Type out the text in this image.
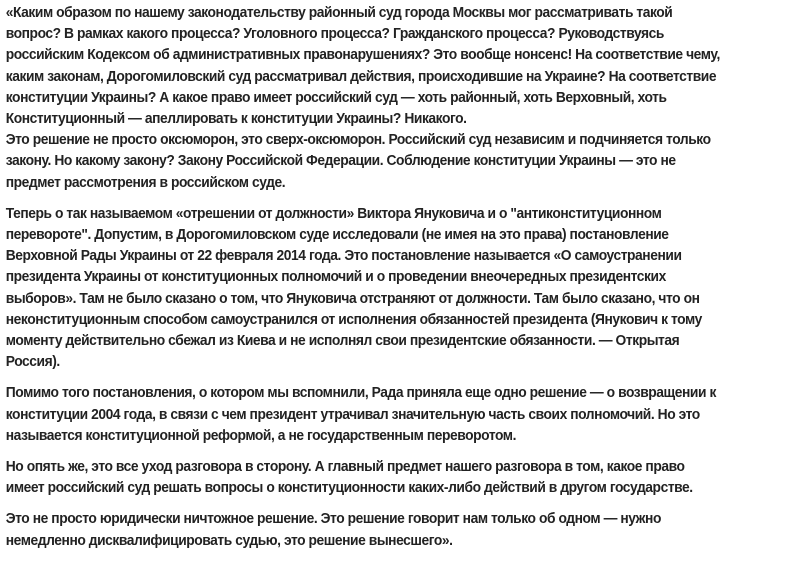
«Каким образом по нашему законодательству районный суд города Москвы мог рассматривать такой
вопрос? В рамках какого процесса? Уголовного процесса? Гражданского процесса? Руководствуясь
российским Кодексом об административных правонарушениях? Это вообще нонсенс! На соответствие чему,
каким законам, Дорогомиловский суд рассматривал действия, происходившие на Украине? На соответствие
конституции Украины? А какое право имеет российский суд — хоть районный, хоть Верховный, хоть
Конституционный — апеллировать к конституции Украины? Никакого.
Это решение не просто оксюморон, это сверх-оксюморон. Российский суд независим и подчиняется только
закону. Но какому закону? Закону Российской Федерации. Соблюдение конституции Украины — это не
предмет рассмотрения в российском суде.

Теперь о так называемом «отрешении от должности» Виктора Януковича и о "антиконституционном
перевороте". Допустим, в Дорогомиловском суде исследовали (не имея на это права) постановление
Верховной Рады Украины от 22 февраля 2014 года. Это постановление называется «О самоустранении
президента Украины от конституционных полномочий и о проведении внеочередных президентских
выборов». Там не было сказано о том, что Януковича отстраняют от должности. Там было сказано, что он
неконституционным способом самоустранился от исполнения обязанностей президента (Янукович к тому
моменту действительно сбежал из Киева и не исполнял свои президентские обязанности. — Открытая
Россия).

Помимо того постановления, о котором мы вспомнили, Рада приняла еще одно решение — о возвращении к
конституции 2004 года, в связи с чем президент утрачивал значительную часть своих полномочий. Но это
называется конституционной реформой, а не государственным переворотом.

Но опять же, это все уход разговора в сторону. А главный предмет нашего разговора в том, какое право
имеет российский суд решать вопросы о конституционности каких-либо действий в другом государстве.

Это не просто юридически ничтожное решение. Это решение говорит нам только об одном — нужно
немедленно дисквалифицировать судью, это решение вынесшего».
